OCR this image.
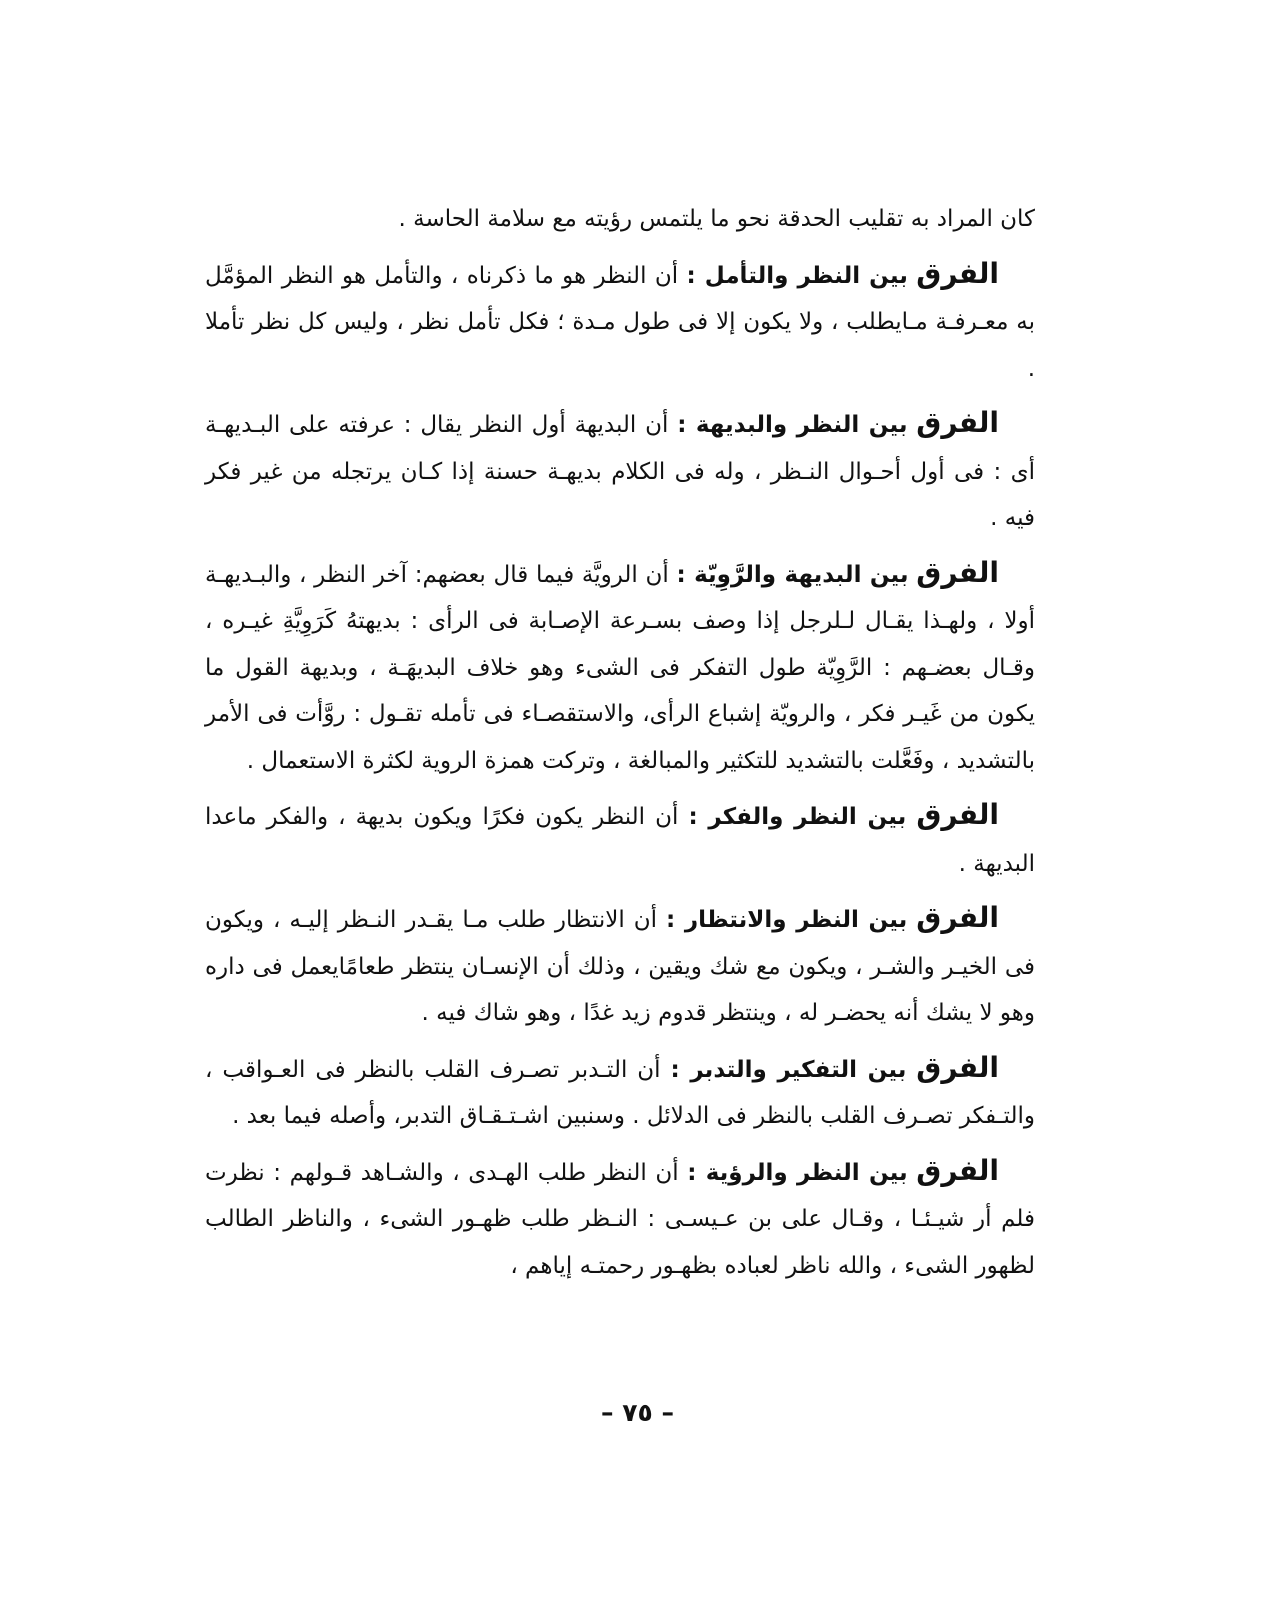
كان المراد به تقليب الحدقة نحو ما يلتمس رؤيته مع سلامة الحاسة .

الفرق بين النظر والتأمل : أن النظر هو ما ذكرناه ، والتأمل هو النظر المؤمَّل به معـرفـة مـايطلب ، ولا يكون إلا فى طول مـدة ؛ فكل تأمل نظر ، وليس كل نظر تأملا .

الفرق بين النظر والبديهة : أن البديهة أول النظر يقال : عرفته على البـديهـة أى : فى أول أحـوال النـظر ، وله فى الكلام بديهـة حسنة إذا كـان يرتجله من غير فكر فيه .

الفرق بين البديهة والرَّوِيّة : أن الرويَّة فيما قال بعضهم: آخر النظر ، والبـديهـة أولا ، ولهـذا يقـال لـلرجل إذا وصف بسـرعة الإصـابة فى الرأى : بديهتهُ كَرَوِيَّةِ غيـره ، وقـال بعضـهم : الرَّوِيّة طول التفكر فى الشىء وهو خلاف البديهَـة ، وبديهة القول ما يكون من غَيـر فكر ، والرويّة إشباع الرأى، والاستقصـاء فى تأمله تقـول : روَّأت فى الأمر بالتشديد ، وفَعَّلت بالتشديد للتكثير والمبالغة ، وتركت همزة الروية لكثرة الاستعمال .

الفرق بين النظر والفكر : أن النظر يكون فكرًا ويكون بديهة ، والفكر ماعدا البديهة .

الفرق بين النظر والانتظار : أن الانتظار طلب مـا يقـدر النـظر إليـه ، ويكون فى الخيـر والشـر ، ويكون مع شك ويقين ، وذلك أن الإنسـان ينتظر طعامًايعمل فى داره وهو لا يشك أنه يحضـر له ، وينتظر قدوم زيد غدًا ، وهو شاك فيه .

الفرق بين التفكير والتدبر : أن التـدبر تصـرف القلب بالنظر فى العـواقب ، والتـفكر تصـرف القلب بالنظر فى الدلائل . وسنبين اشـتـقـاق التدبر، وأصله فيما بعد .

الفرق بين النظر والرؤية : أن النظر طلب الهـدى ، والشـاهد قـولهم : نظرت فلم أر شيـئـا ، وقـال على بن عـيسـى : النـظر طلب ظهـور الشىء ، والناظر الطالب لظهور الشىء ، والله ناظر لعباده بظهـور رحمتـه إياهم ،

– ٧٥ –
